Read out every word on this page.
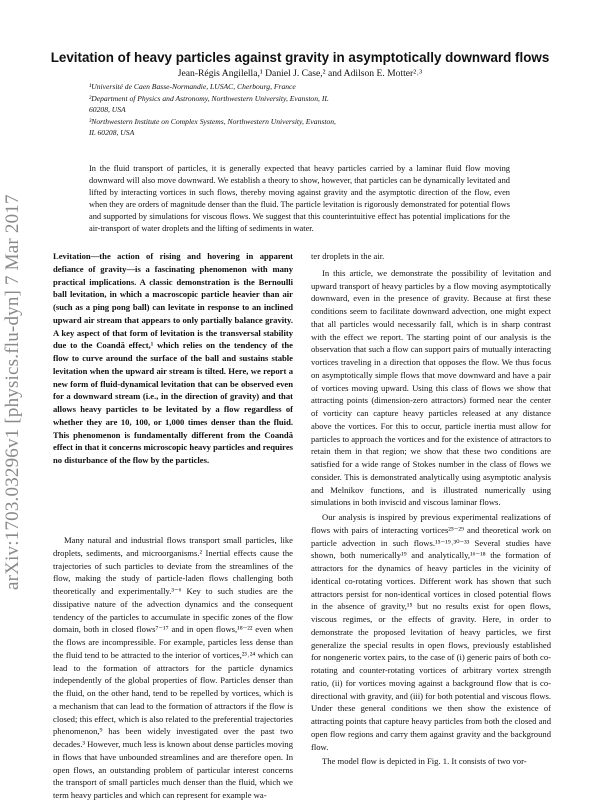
arXiv:1703.03296v1 [physics.flu-dyn] 7 Mar 2017
Levitation of heavy particles against gravity in asymptotically downward flows
Jean-Régis Angilella,¹ Daniel J. Case,² and Adilson E. Motter²˒³
¹Université de Caen Basse-Normandie, LUSAC, Cherbourg, France
²Department of Physics and Astronomy, Northwestern University, Evanston, IL 60208, USA
³Northwestern Institute on Complex Systems, Northwestern University, Evanston, IL 60208, USA
In the fluid transport of particles, it is generally expected that heavy particles carried by a laminar fluid flow moving downward will also move downward. We establish a theory to show, however, that particles can be dynamically levitated and lifted by interacting vortices in such flows, thereby moving against gravity and the asymptotic direction of the flow, even when they are orders of magnitude denser than the fluid. The particle levitation is rigorously demonstrated for potential flows and supported by simulations for viscous flows. We suggest that this counterintuitive effect has potential implications for the air-transport of water droplets and the lifting of sediments in water.

Levitation—the action of rising and hovering in apparent defiance of gravity—is a fascinating phenomenon with many practical implications. A classic demonstration is the Bernoulli ball levitation, in which a macroscopic particle heavier than air (such as a ping pong ball) can levitate in response to an inclined upward air stream that appears to only partially balance gravity. A key aspect of that form of levitation is the transversal stability due to the Coandă effect,¹ which relies on the tendency of the flow to curve around the surface of the ball and sustains stable levitation when the upward air stream is tilted. Here, we report a new form of fluid-dynamical levitation that can be observed even for a downward stream (i.e., in the direction of gravity) and that allows heavy particles to be levitated by a flow regardless of whether they are 10, 100, or 1,000 times denser than the fluid. This phenomenon is fundamentally different from the Coandă effect in that it concerns microscopic heavy particles and requires no disturbance of the flow by the particles.

Many natural and industrial flows transport small particles, like droplets, sediments, and microorganisms.² Inertial effects cause the trajectories of such particles to deviate from the streamlines of the flow, making the study of particle-laden flows challenging both theoretically and experimentally.³⁻⁶ Key to such studies are the dissipative nature of the advection dynamics and the consequent tendency of the particles to accumulate in specific zones of the flow domain, both in closed flows⁷⁻¹⁷ and in open flows,¹⁸⁻²² even when the flows are incompressible. For example, particles less dense than the fluid tend to be attracted to the interior of vortices,²³˒²⁴ which can lead to the formation of attractors for the particle dynamics independently of the global properties of flow. Particles denser than the fluid, on the other hand, tend to be repelled by vortices, which is a mechanism that can lead to the formation of attractors if the flow is closed; this effect, which is also related to the preferential trajectories phenomenon,⁹ has been widely investigated over the past two decades.³ However, much less is known about dense particles moving in flows that have unbounded streamlines and are therefore open. In open flows, an outstanding problem of particular interest concerns the transport of small particles much denser than the fluid, which we term heavy particles and which can represent for example wa-

ter droplets in the air.

In this article, we demonstrate the possibility of levitation and upward transport of heavy particles by a flow moving asymptotically downward, even in the presence of gravity. Because at first these conditions seem to facilitate downward advection, one might expect that all particles would necessarily fall, which is in sharp contrast with the effect we report. The starting point of our analysis is the observation that such a flow can support pairs of mutually interacting vortices traveling in a direction that opposes the flow. We thus focus on asymptotically simple flows that move downward and have a pair of vortices moving upward. Using this class of flows we show that attracting points (dimension-zero attractors) formed near the center of vorticity can capture heavy particles released at any distance above the vortices. For this to occur, particle inertia must allow for particles to approach the vortices and for the existence of attractors to retain them in that region; we show that these two conditions are satisfied for a wide range of Stokes number in the class of flows we consider. This is demonstrated analytically using asymptotic analysis and Melnikov functions, and is illustrated numerically using simulations in both inviscid and viscous laminar flows.

Our analysis is inspired by previous experimental realizations of flows with pairs of interacting vortices²⁵⁻²⁹ and theoretical work on particle advection in such flows.¹⁵⁻¹⁹˒³⁰⁻³³ Several studies have shown, both numerically¹⁹ and analytically,¹⁶⁻¹⁸ the formation of attractors for the dynamics of heavy particles in the vicinity of identical co-rotating vortices. Different work has shown that such attractors persist for non-identical vortices in closed potential flows in the absence of gravity,¹⁵ but no results exist for open flows, viscous regimes, or the effects of gravity. Here, in order to demonstrate the proposed levitation of heavy particles, we first generalize the special results in open flows, previously established for nongeneric vortex pairs, to the case of (i) generic pairs of both co-rotating and counter-rotating vortices of arbitrary vortex strength ratio, (ii) for vortices moving against a background flow that is co-directional with gravity, and (iii) for both potential and viscous flows. Under these general conditions we then show the existence of attracting points that capture heavy particles from both the closed and open flow regions and carry them against gravity and the background flow.

The model flow is depicted in Fig. 1. It consists of two vor-
